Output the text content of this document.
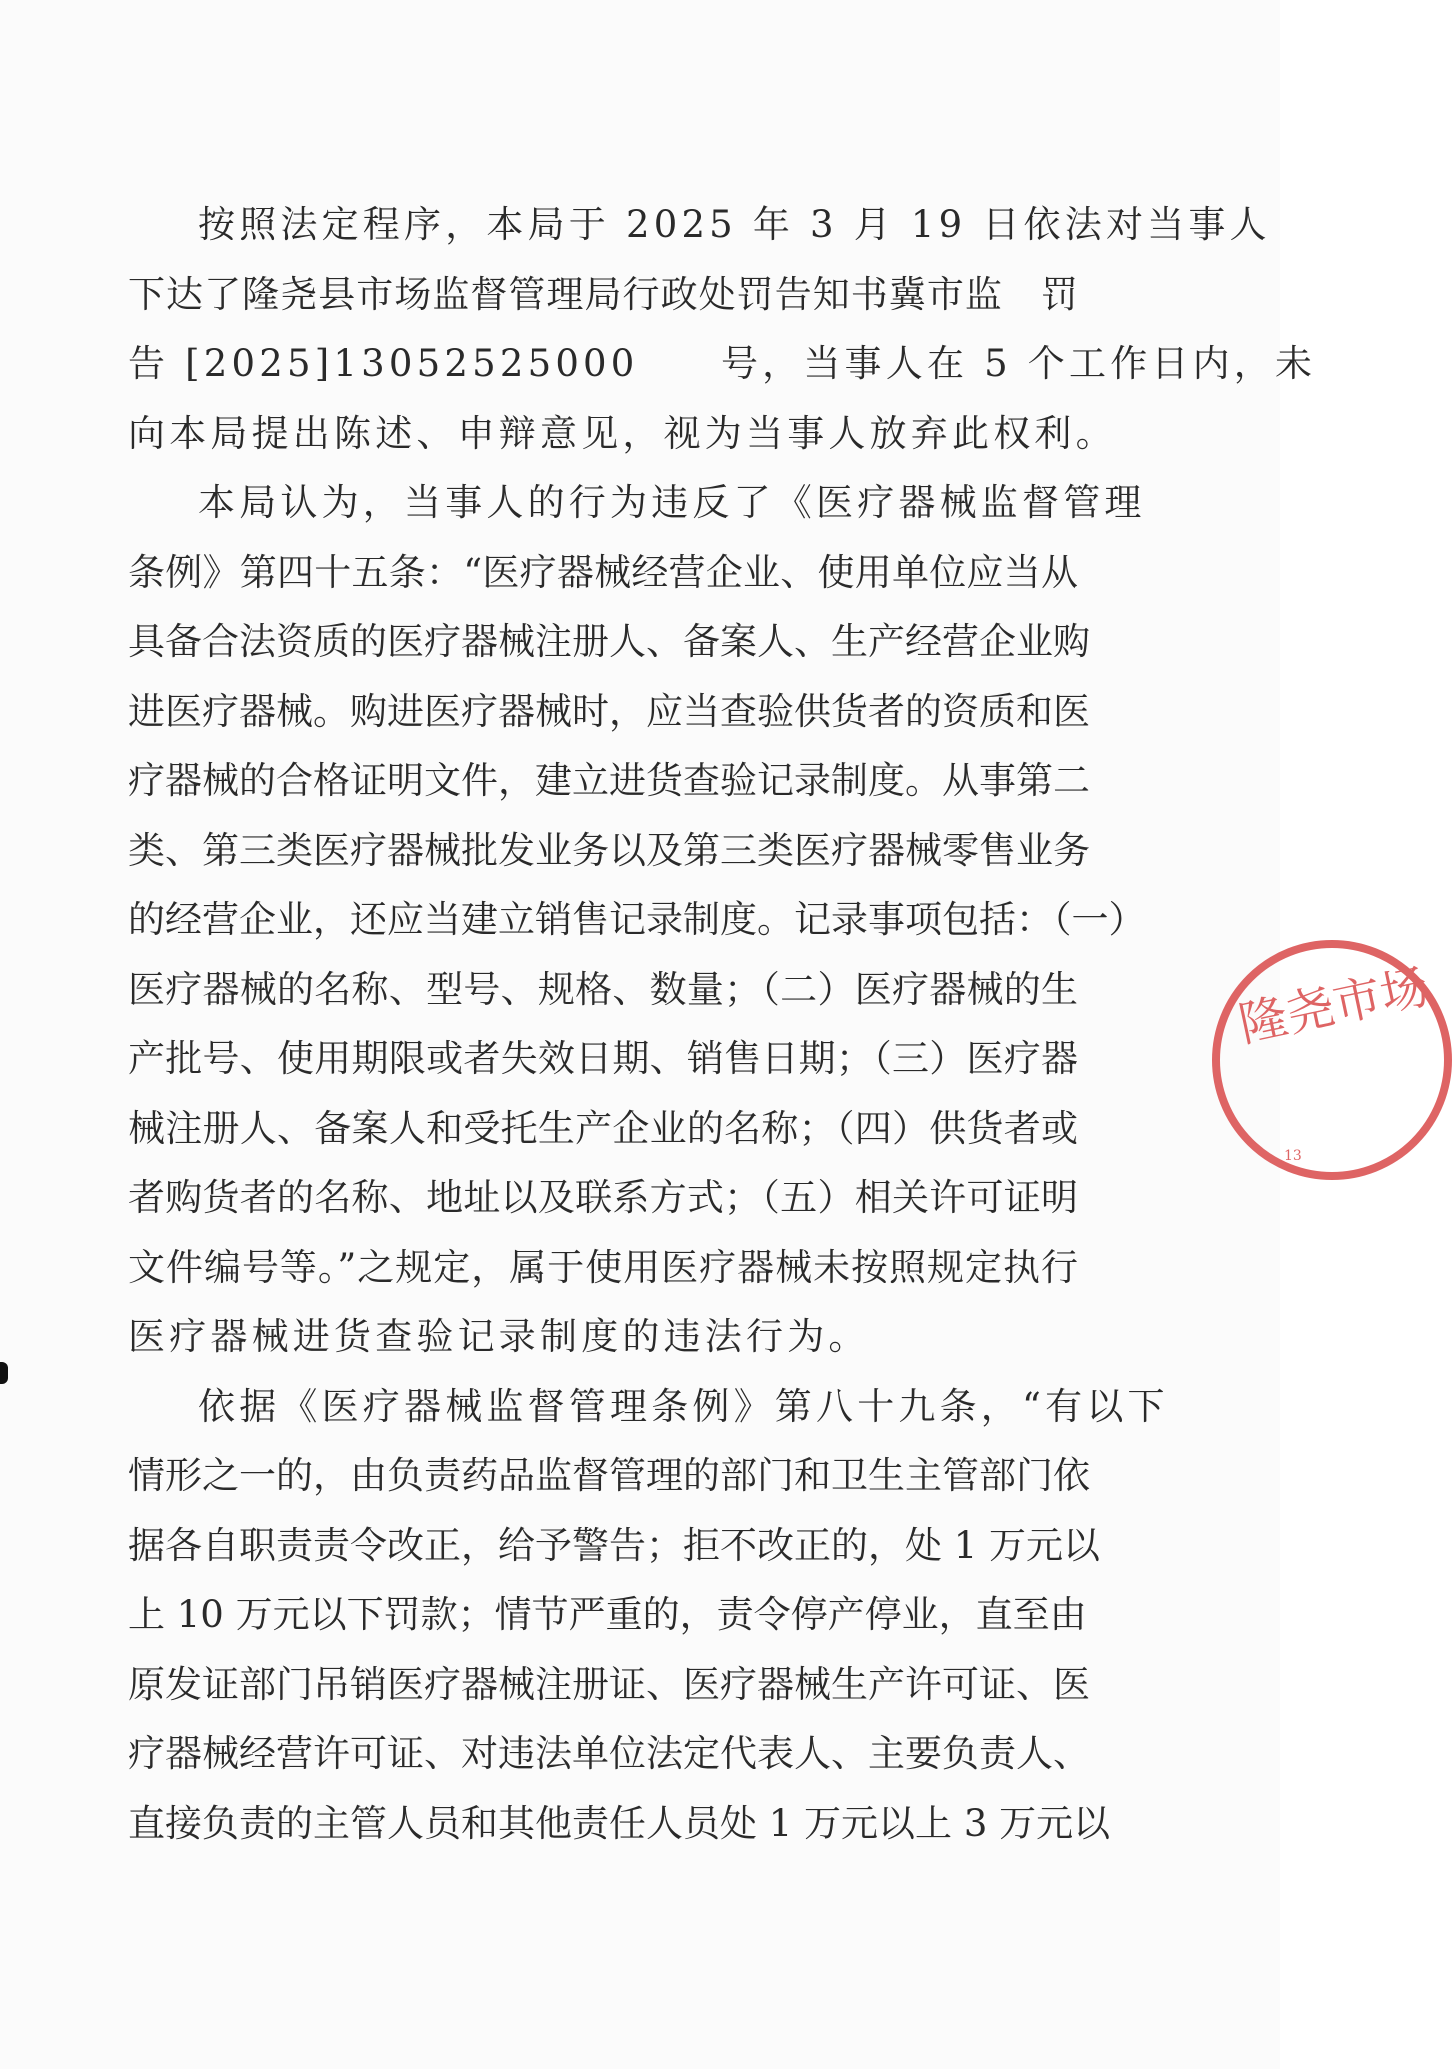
按照法定程序，本局于 2025 年 3 月 19 日依法对当事人
下达了隆尧县市场监督管理局行政处罚告知书冀市监　罚
告 [2025]13052525000　　号，当事人在 5 个工作日内，未
向本局提出陈述、申辩意见，视为当事人放弃此权利。
本局认为，当事人的行为违反了《医疗器械监督管理
条例》第四十五条：“医疗器械经营企业、使用单位应当从
具备合法资质的医疗器械注册人、备案人、生产经营企业购
进医疗器械。购进医疗器械时，应当查验供货者的资质和医
疗器械的合格证明文件，建立进货查验记录制度。从事第二
类、第三类医疗器械批发业务以及第三类医疗器械零售业务
的经营企业，还应当建立销售记录制度。记录事项包括：（一）
医疗器械的名称、型号、规格、数量；（二）医疗器械的生
产批号、使用期限或者失效日期、销售日期；（三）医疗器
械注册人、备案人和受托生产企业的名称；（四）供货者或
者购货者的名称、地址以及联系方式；（五）相关许可证明
文件编号等。”之规定，属于使用医疗器械未按照规定执行
医疗器械进货查验记录制度的违法行为。
依据《医疗器械监督管理条例》第八十九条，“有以下
情形之一的，由负责药品监督管理的部门和卫生主管部门依
据各自职责责令改正，给予警告；拒不改正的，处 1 万元以
上 10 万元以下罚款；情节严重的，责令停产停业，直至由
原发证部门吊销医疗器械注册证、医疗器械生产许可证、医
疗器械经营许可证、对违法单位法定代表人、主要负责人、
直接负责的主管人员和其他责任人员处 1 万元以上 3 万元以
隆尧市场
13
